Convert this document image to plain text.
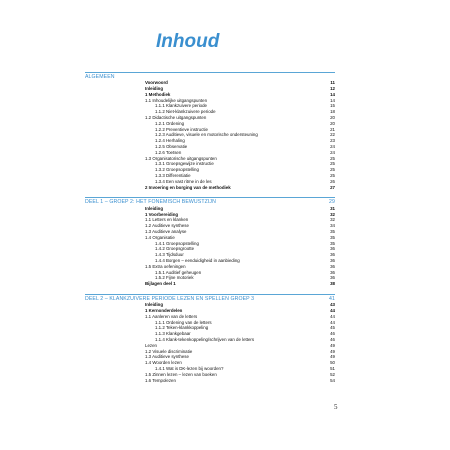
Inhoud
ALGEMEEN
Voorwoord	11
Inleiding	12
1 Methodiek	14
1.1 Inhoudelijke uitgangspunten	14
1.1.1 Klankzuivere periode	15
1.1.2 Niet-klankzuivere periode	18
1.2 Didactische uitgangspunten	20
1.2.1 Ordening	20
1.2.2 Preventieve instructie	21
1.2.3 Auditieve, visuele en motorische ondersteuning	22
1.2.4 Herhaling	23
1.2.5 Observatie	24
1.2.6 Toetsen	24
1.3 Organisatorische uitgangspunten	25
1.3.1 Groepsgewijze instructie	25
1.3.2 Groepsopstelling	25
1.3.3 Differentiatie	25
1.3.4 Een vast ritme in de les	26
2 Invoering en borging van de methodiek	27
DEEL 1 – GROEP 2: HET FONEMISCH BEWUSTZIJN	29
Inleiding	31
1 Voorbereiding	32
1.1 Letters en klanken	32
1.2 Auditieve synthese	34
1.3 Auditieve analyse	35
1.4 Organisatie	35
1.4.1 Groepsopstelling	35
1.4.2 Groepsgrootte	36
1.4.3 Tijdsduur	36
1.4.4 Borgen – eenduidigheid in aanbieding	36
1.5 Extra oefeningen	36
1.5.1 Auditief geheugen	36
1.5.2 Fijne motoriek	36
Bijlagen deel 1	38
DEEL 2 – KLANKZUIVERE PERIODE LEZEN EN SPELLEN GROEP 3	41
Inleiding	43
1 Kernonderdelen	44
1.1 Aanleren van de letters	44
1.1.1 Ordening van de letters	44
1.1.2 Teken-klankkoppeling	45
1.1.3 Klankgebaar	46
1.1.4 Klank-tekenkoppeling/schrijven van de letters	46
Lezen	49
1.2 Visuele discriminatie	49
1.3 Auditieve synthese	49
1.4 Woorden lezen	50
1.4.1 Wat is DK-lezen bij woorden?	51
1.5 Zinnen lezen – lezen van boeken	52
1.6 Tempolezen	54
5
